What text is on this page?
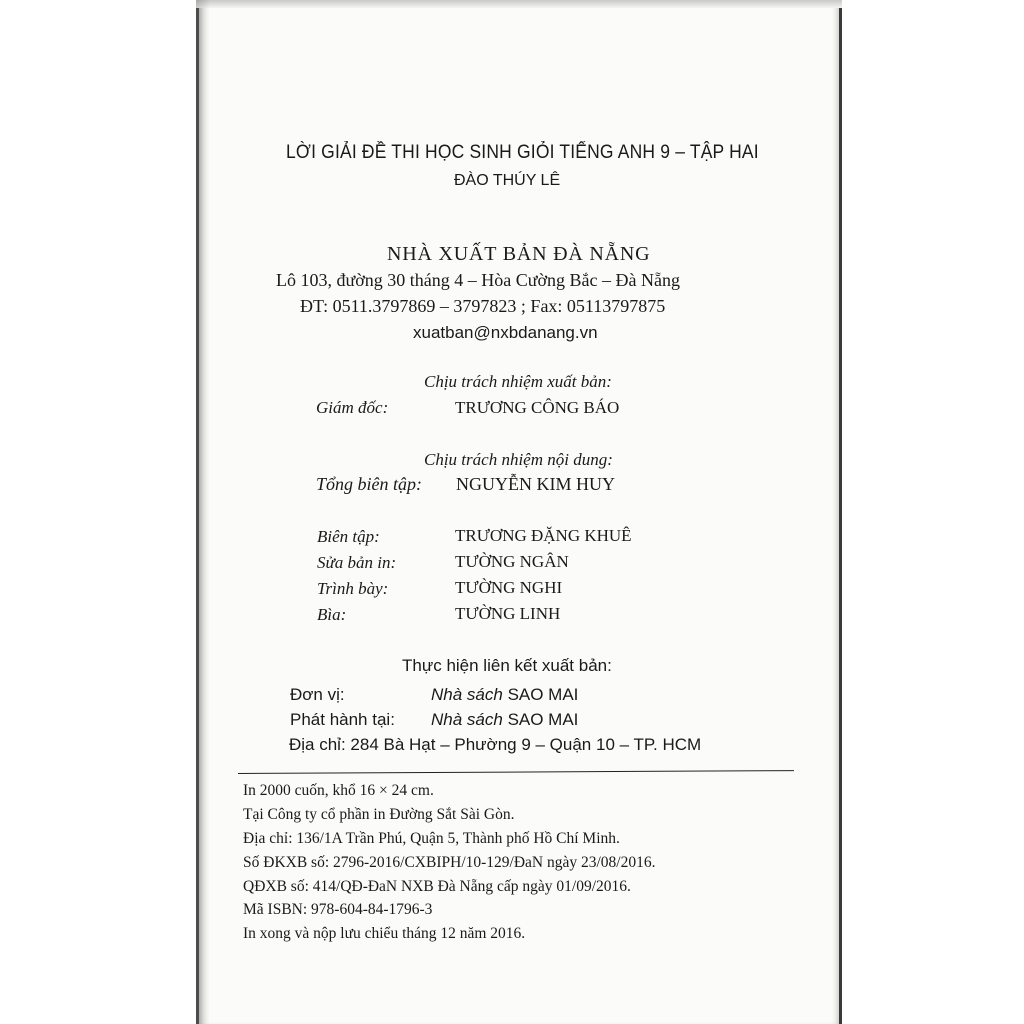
LỜI GIẢI ĐỀ THI HỌC SINH GIỎI TIẾNG ANH 9 – TẬP HAI
ĐÀO THÚY LÊ
NHÀ XUẤT BẢN ĐÀ NẴNG
Lô 103, đường 30 tháng 4 – Hòa Cường Bắc – Đà Nẵng
ĐT: 0511.3797869 – 3797823 ; Fax: 05113797875
xuatban@nxbdanang.vn
Chịu trách nhiệm xuất bản:
Giám đốc:	TRƯƠNG CÔNG BÁO
Chịu trách nhiệm nội dung:
Tổng biên tập: NGUYỄN KIM HUY
Biên tập:	TRƯƠNG ĐẶNG KHUÊ
Sửa bản in:	TƯỜNG NGÂN
Trình bày:	TƯỜNG NGHI
Bìa:	TƯỜNG LINH
Thực hiện liên kết xuất bản:
Đơn vị:	Nhà sách SAO MAI
Phát hành tại: Nhà sách SAO MAI
Địa chỉ: 284 Bà Hạt – Phường 9 – Quận 10 – TP. HCM
In 2000 cuốn, khổ 16 × 24 cm.
Tại Công ty cổ phần in Đường Sắt Sài Gòn.
Địa chỉ: 136/1A Trần Phú, Quận 5, Thành phố Hồ Chí Minh.
Số ĐKXB số: 2796-2016/CXBIPH/10-129/ĐaN ngày 23/08/2016.
QĐXB số: 414/QĐ-ĐaN NXB Đà Nẵng cấp ngày 01/09/2016.
Mã ISBN: 978-604-84-1796-3
In xong và nộp lưu chiểu tháng 12 năm 2016.
